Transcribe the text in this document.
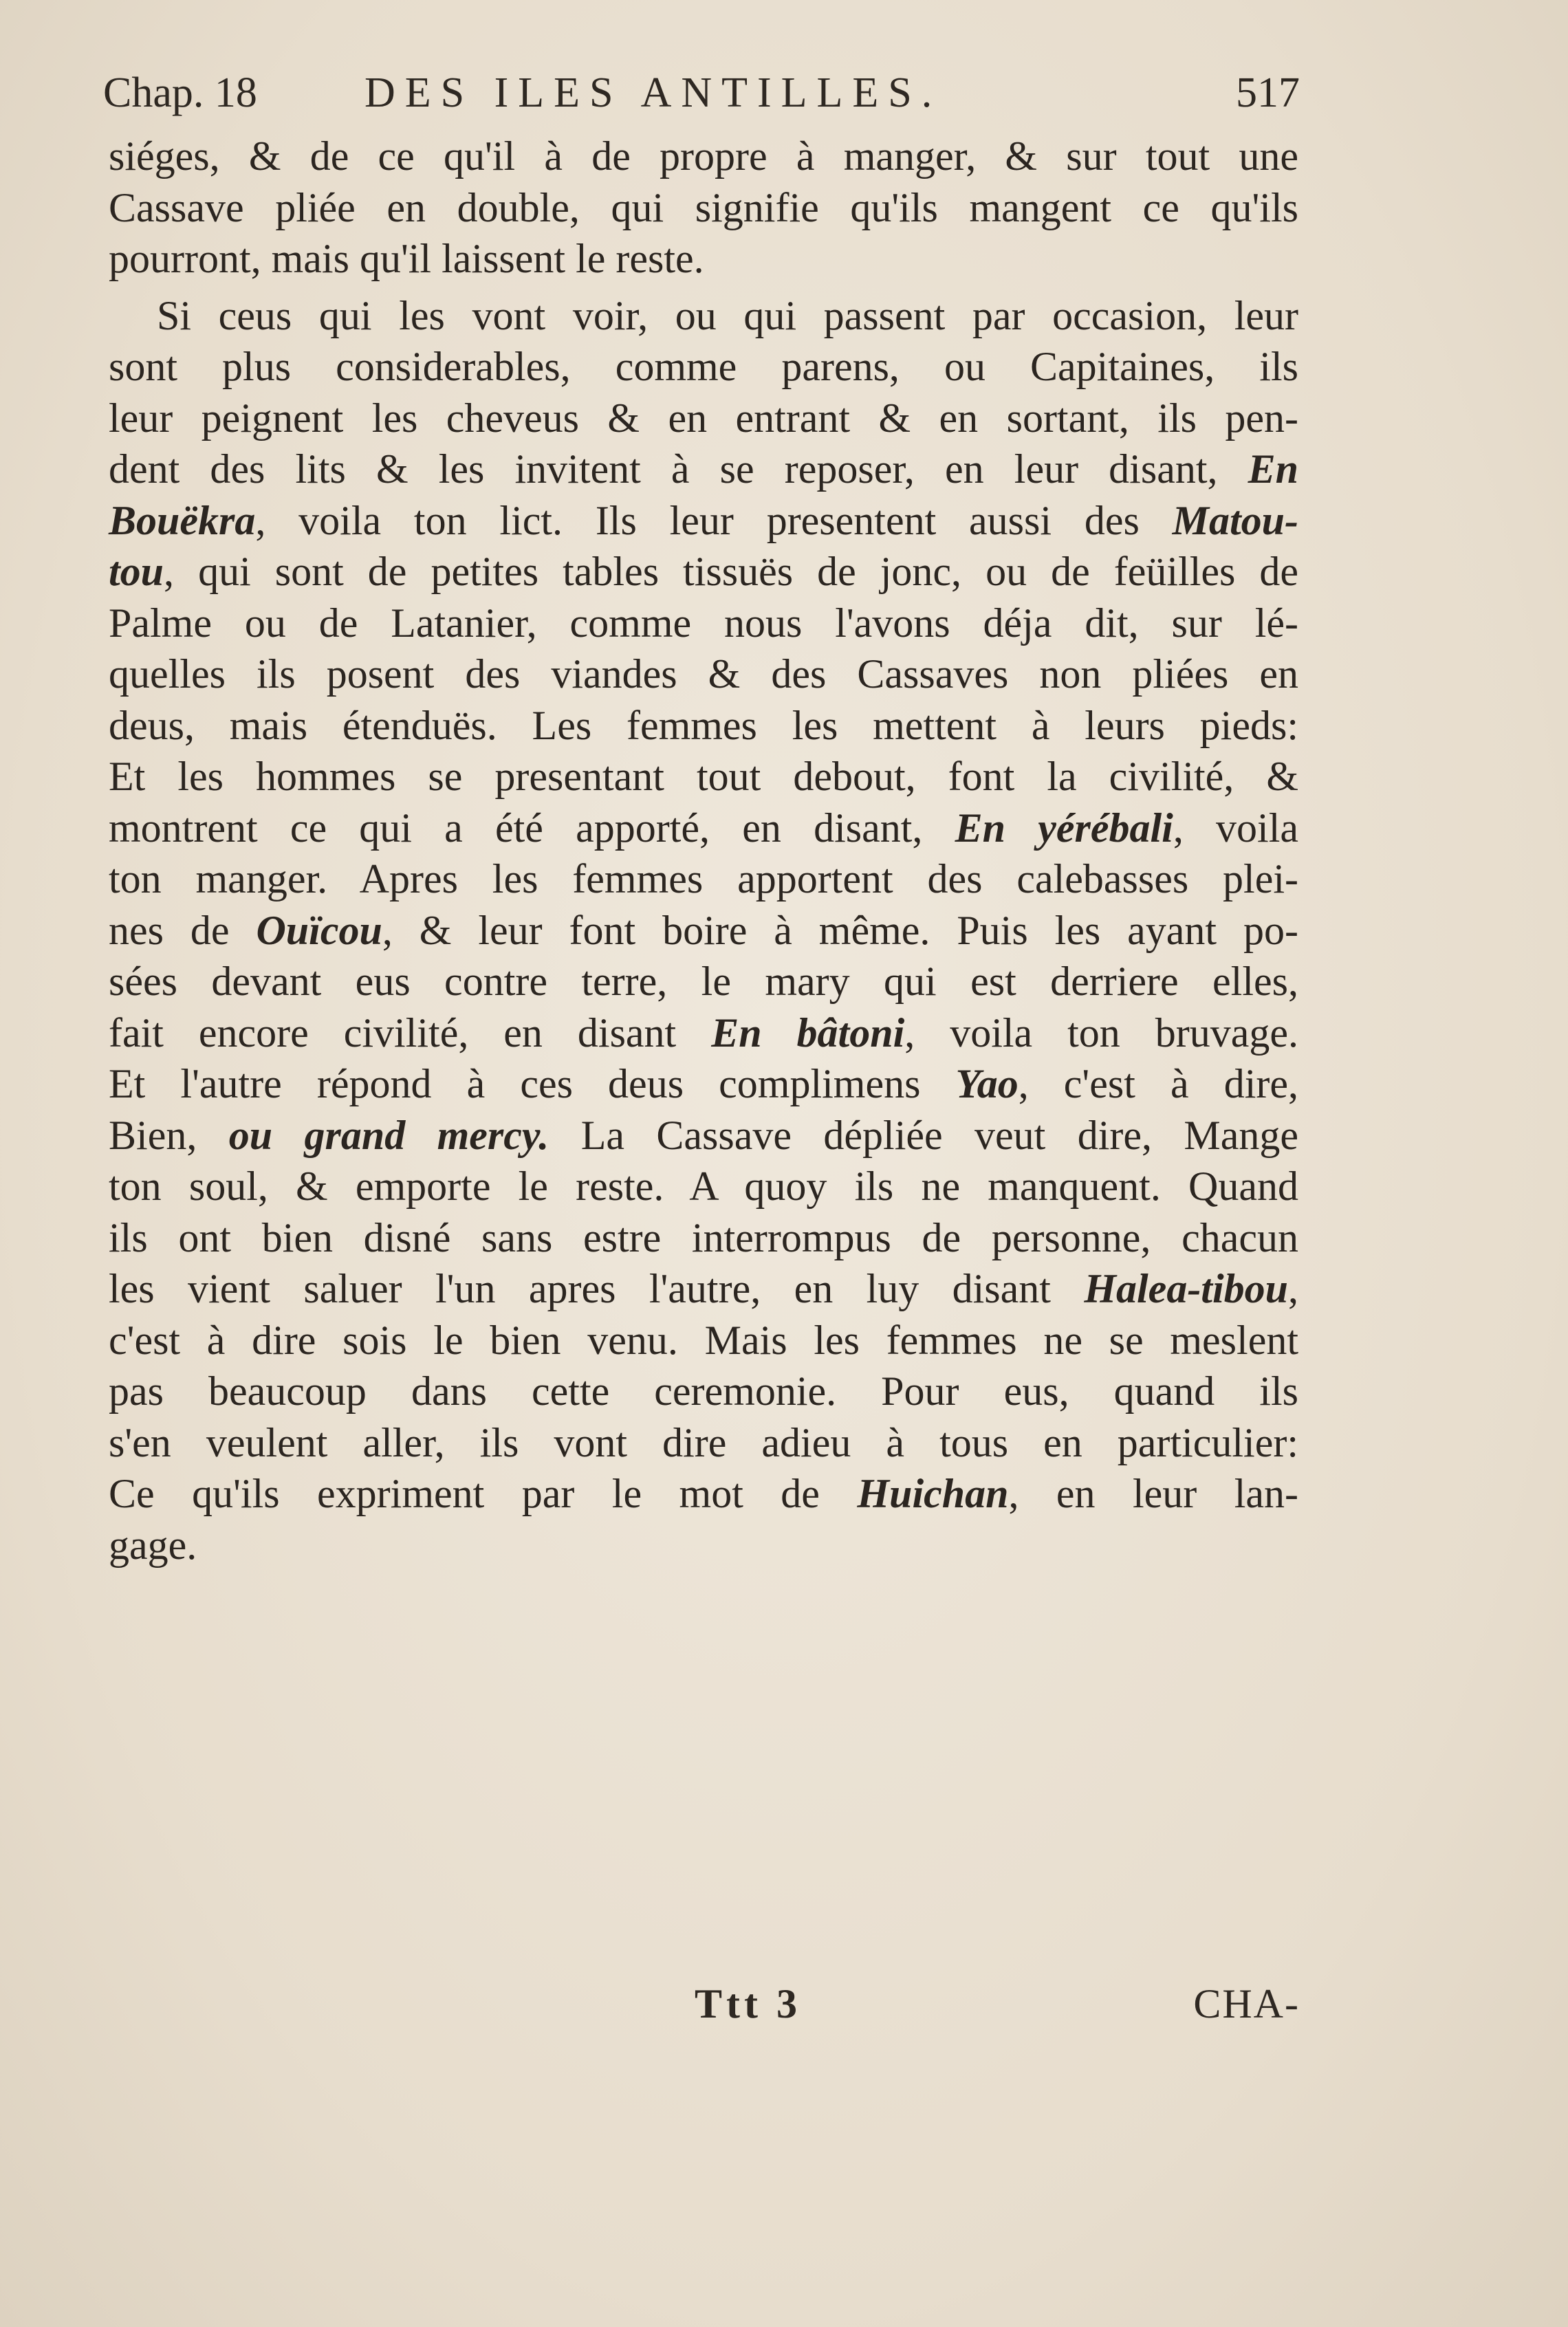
Chap. 18	DES ILES ANTILLES.	517
siéges, & de ce qu'il à de propre à manger, & sur tout une
Cassave pliée en double, qui signifie qu'ils mangent ce qu'ils
pourront, mais qu'il laissent le reste.
Si ceus qui les vont voir, ou qui passent par occasion, leur
sont plus considerables, comme parens, ou Capitaines, ils
leur peignent les cheveus & en entrant & en sortant, ils pen-
dent des lits & les invitent à se reposer, en leur disant, En
Bouëkra, voila ton lict. Ils leur presentent aussi des Matou-
tou, qui sont de petites tables tissuës de jonc, ou de feüilles de
Palme ou de Latanier, comme nous l'avons déja dit, sur lé-
quelles ils posent des viandes & des Cassaves non pliées en
deus, mais étenduës. Les femmes les mettent à leurs pieds:
Et les hommes se presentant tout debout, font la civilité, &
montrent ce qui a été apporté, en disant, En yérébali, voila
ton manger. Apres les femmes apportent des calebasses plei-
nes de Ouïcou, & leur font boire à même. Puis les ayant po-
sées devant eus contre terre, le mary qui est derriere elles,
fait encore civilité, en disant En bâtoni, voila ton bruvage.
Et l'autre répond à ces deus complimens Yao, c'est à dire,
Bien, ou grand mercy. La Cassave dépliée veut dire, Mange
ton soul, & emporte le reste. A quoy ils ne manquent. Quand
ils ont bien disné sans estre interrompus de personne, chacun
les vient saluer l'un apres l'autre, en luy disant Halea-tibou,
c'est à dire sois le bien venu. Mais les femmes ne se meslent
pas beaucoup dans cette ceremonie. Pour eus, quand ils
s'en veulent aller, ils vont dire adieu à tous en particulier:
Ce qu'ils expriment par le mot de Huichan, en leur lan-
gage.

Ttt 3	CHA-
